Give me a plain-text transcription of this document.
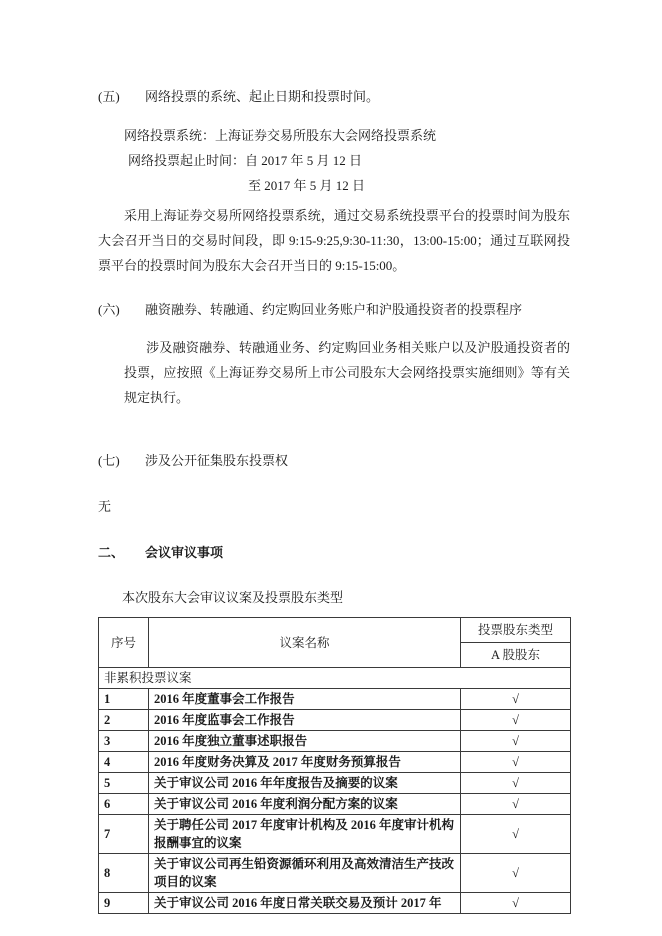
(五)	网络投票的系统、起止日期和投票时间。
网络投票系统：上海证券交易所股东大会网络投票系统
网络投票起止时间：自 2017 年 5 月 12 日
至 2017 年 5 月 12 日

采用上海证券交易所网络投票系统，通过交易系统投票平台的投票时间为股东大会召开当日的交易时间段，即 9:15-9:25,9:30-11:30，13:00-15:00；通过互联网投票平台的投票时间为股东大会召开当日的 9:15-15:00。

(六)	融资融券、转融通、约定购回业务账户和沪股通投资者的投票程序

涉及融资融券、转融通业务、约定购回业务相关账户以及沪股通投资者的投票，应按照《上海证券交易所上市公司股东大会网络投票实施细则》等有关规定执行。

(七)	涉及公开征集股东投票权
无
二、	会议审议事项
本次股东大会审议议案及投票股东类型
序号	议案名称	投票股东类型
		A 股股东
非累积投票议案		
1	2016 年度董事会工作报告	√
2	2016 年度监事会工作报告	√
3	2016 年度独立董事述职报告	√
4	2016 年度财务决算及 2017 年度财务预算报告	√
5	关于审议公司 2016 年年度报告及摘要的议案	√
6	关于审议公司 2016 年度利润分配方案的议案	√
7	关于聘任公司 2017 年度审计机构及 2016 年度审计机构报酬事宜的议案	√
8	关于审议公司再生铅资源循环利用及高效清洁生产技改项目的议案	√
9	关于审议公司 2016 年度日常关联交易及预计 2017 年	√
